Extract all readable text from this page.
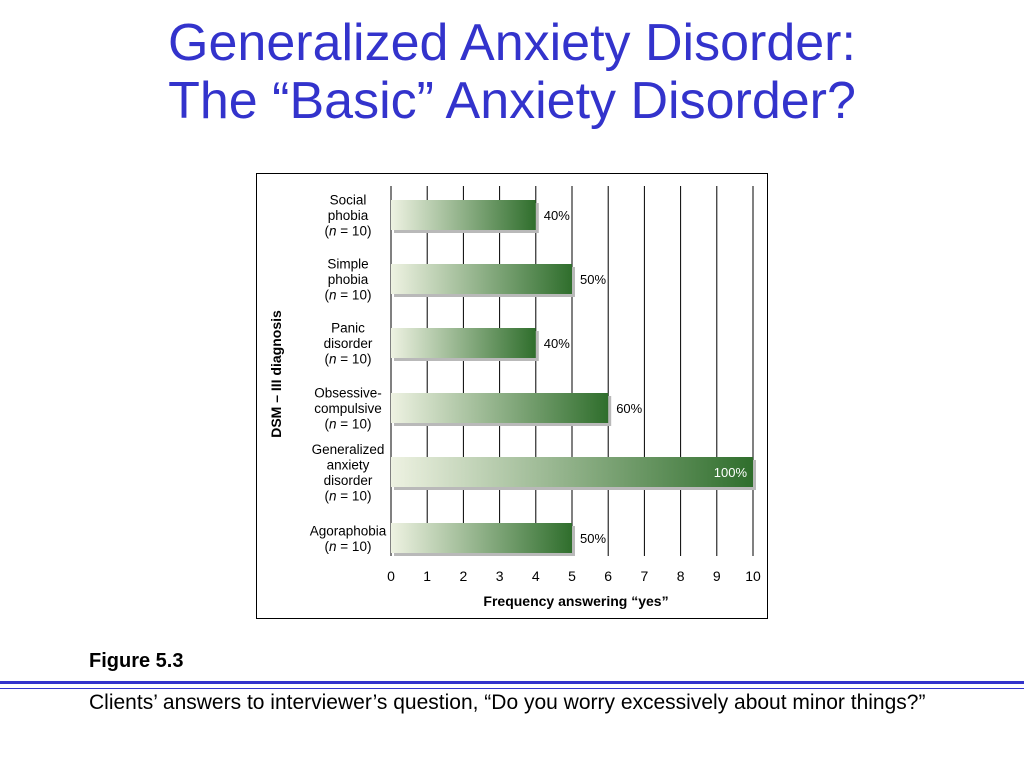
Generalized Anxiety Disorder:
The “Basic” Anxiety Disorder?
40%
50%
40%
60%
100%
50%
Social
phobia
(n = 10)
Simple
phobia
(n = 10)
Panic
disorder
(n = 10)
Obsessive-
compulsive
(n = 10)
Generalized
anxiety
disorder
(n = 10)
Agoraphobia
(n = 10)
0 1 2 3 4 5 6 7 8 9 10
Frequency answering “yes”
DSM – III diagnosis
Figure 5.3
Clients’ answers to interviewer’s question, “Do you worry excessively about minor things?”
